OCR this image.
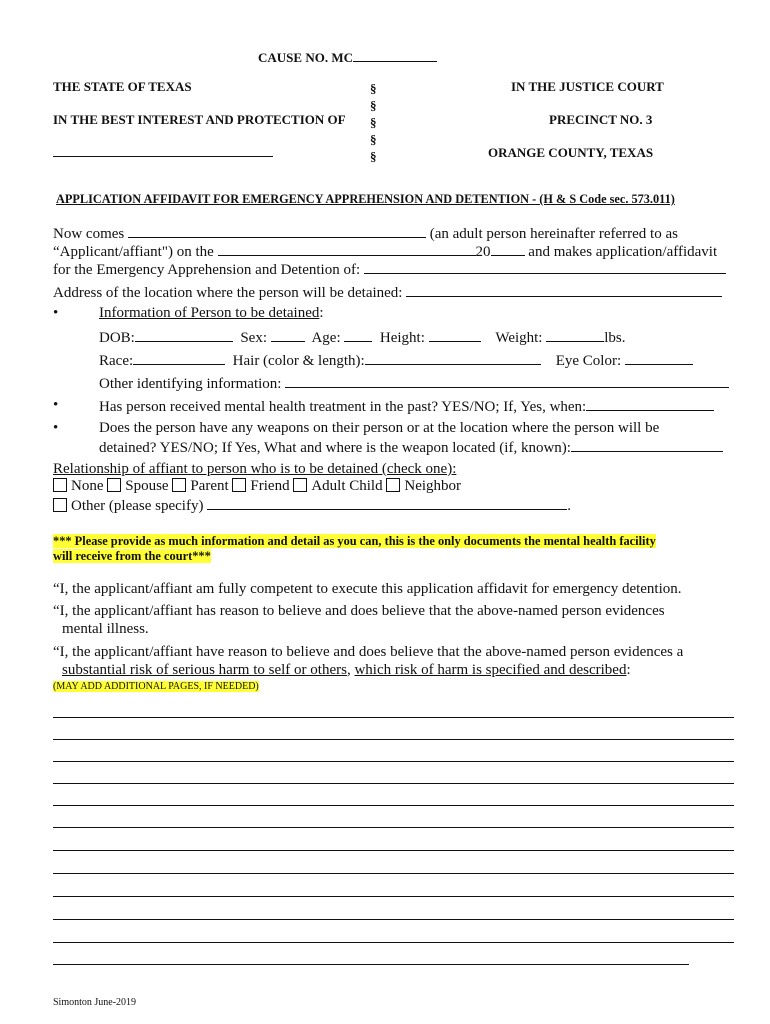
CAUSE NO. MC
THE STATE OF TEXAS
IN THE BEST INTEREST AND PROTECTION OF
§
§
§
§
§
IN THE JUSTICE COURT
PRECINCT NO. 3
ORANGE COUNTY, TEXAS
APPLICATION AFFIDAVIT FOR EMERGENCY APPREHENSION AND DETENTION - (H & S Code sec. 573.011)
Now comes	(an adult person hereinafter referred to as
“Applicant/affiant") on the	20	and makes application/affidavit
for the Emergency Apprehension and Detention of:
Address of the location where the person will be detained:
•	Information of Person to be detained:
DOB:	Sex:	Age:	Height:	Weight:	lbs.
Race:	Hair (color & length):	Eye Color:
Other identifying information:
•	Has person received mental health treatment in the past? YES/NO; If, Yes, when:
•	Does the person have any weapons on their person or at the location where the person will be
detained? YES/NO; If Yes, What and where is the weapon located (if, known):
Relationship of affiant to person who is to be detained (check one):
None Spouse Parent Friend Adult Child Neighbor
Other (please specify)	.
*** Please provide as much information and detail as you can, this is the only documents the mental health facility
will receive from the court***
“I, the applicant/affiant am fully competent to execute this application affidavit for emergency detention.
“I, the applicant/affiant has reason to believe and does believe that the above-named person evidences
mental illness.
“I, the applicant/affiant have reason to believe and does believe that the above-named person evidences a
substantial risk of serious harm to self or others, which risk of harm is specified and described:
(MAY ADD ADDITIONAL PAGES, IF NEEDED)
Simonton June-2019
